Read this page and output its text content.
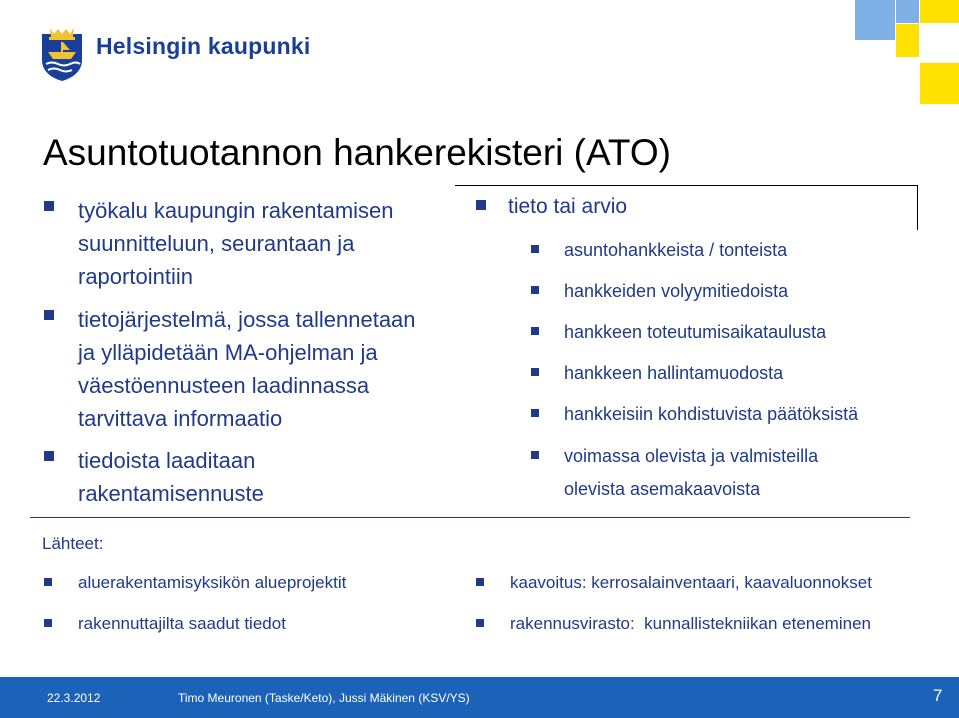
Helsingin kaupunki
Asuntotuotannon hankerekisteri (ATO)
työkalu kaupungin rakentamisen
suunnitteluun, seurantaan ja
raportointiin
tietojärjestelmä, jossa tallennetaan
ja ylläpidetään MA-ohjelman ja
väestöennusteen laadinnassa
tarvittava informaatio
tiedoista laaditaan
rakentamisennuste
tieto tai arvio
asuntohankkeista / tonteista
hankkeiden volyymitiedoista
hankkeen toteutumisaikataulusta
hankkeen hallintamuodosta
hankkeisiin kohdistuvista päätöksistä
voimassa olevista ja valmisteilla
olevista asemakaavoista
Lähteet:
aluerakentamisyksikön alueprojektit
rakennuttajilta saadut tiedot
kaavoitus: kerrosalainventaari, kaavaluonnokset
rakennusvirasto:  kunnallistekniikan eteneminen
22.3.2012	Timo Meuronen (Taske/Keto), Jussi Mäkinen (KSV/YS)	7
